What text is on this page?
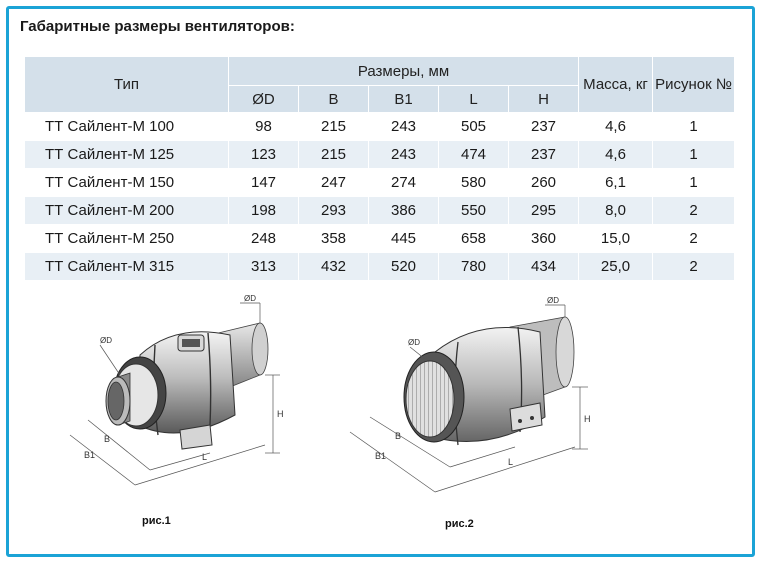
Габаритные размеры вентиляторов:
Тип	Размеры, мм					Масса, кг	Рисунок №
	ØD	B	B1	L	H		
ТТ Сайлент-М 100	98	215	243	505	237	4,6	1
ТТ Сайлент-М 125	123	215	243	474	237	4,6	1
ТТ Сайлент-М 150	147	247	274	580	260	6,1	1
ТТ Сайлент-М 200	198	293	386	550	295	8,0	2
ТТ Сайлент-М 250	248	358	445	658	360	15,0	2
ТТ Сайлент-М 315	313	432	520	780	434	25,0	2
ØD
ØD
B
B1	L
H
рис.1
ØD
ØD
B
B1
L
H
рис.2
